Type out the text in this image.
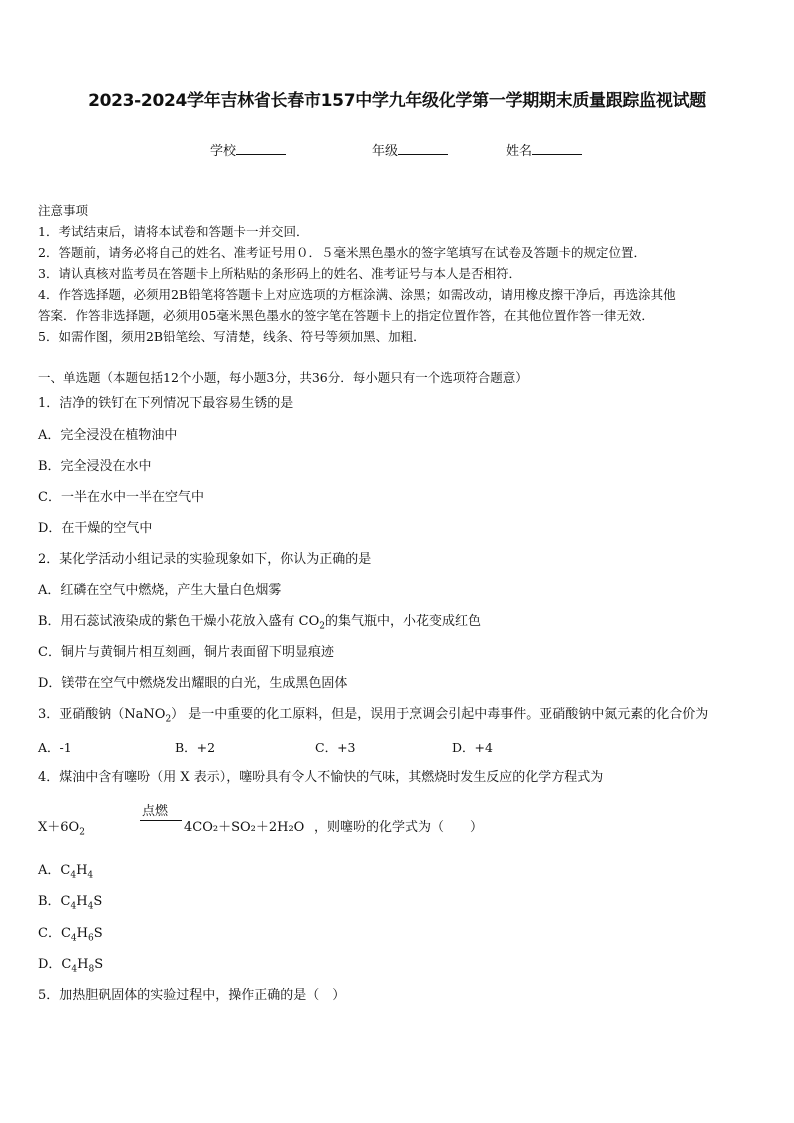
2023-2024学年吉林省长春市157中学九年级化学第一学期期末质量跟踪监视试题
学校	年级	姓名
注意事项
1．考试结束后，请将本试卷和答题卡一并交回．
2．答题前，请务必将自己的姓名、准考证号用０．５毫米黑色墨水的签字笔填写在试卷及答题卡的规定位置．
3．请认真核对监考员在答题卡上所粘贴的条形码上的姓名、准考证号与本人是否相符．
4．作答选择题，必须用2B铅笔将答题卡上对应选项的方框涂满、涂黑；如需改动，请用橡皮擦干净后，再选涂其他
答案．作答非选择题，必须用05毫米黑色墨水的签字笔在答题卡上的指定位置作答，在其他位置作答一律无效．
5．如需作图，须用2B铅笔绘、写清楚，线条、符号等须加黑、加粗．
一、单选题（本题包括12个小题，每小题3分，共36分．每小题只有一个选项符合题意）
1．洁净的铁钉在下列情况下最容易生锈的是
A．完全浸没在植物油中
B．完全浸没在水中
C．一半在水中一半在空气中
D．在干燥的空气中
2．某化学活动小组记录的实验现象如下，你认为正确的是
A．红磷在空气中燃烧，产生大量白色烟雾
B．用石蕊试液染成的紫色干燥小花放入盛有 $CO_2$的集气瓶中，小花变成红色
C．铜片与黄铜片相互刻画，铜片表面留下明显痕迹
D．镁带在空气中燃烧发出耀眼的白光，生成黑色固体
3．亚硝酸钠（NaNO$_2$） 是一中重要的化工原料，但是，误用于烹调会引起中毒事件。亚硝酸钠中氮元素的化合价为
A．-1	B．+2	C．+3	D．+4
4．煤油中含有噻吩（用 X 表示），噻吩具有令人不愉快的气味，其燃烧时发生反应的化学方程式为
$X+6O_2$
点燃
4CO₂＋SO₂＋2H₂O ，则噻吩的化学式为（　　）
A．$C_4H_4$
B．$C_4H_4S$
C．$C_4H_6S$
D．$C_4H_8S$
5．加热胆矾固体的实验过程中，操作正确的是（　）
